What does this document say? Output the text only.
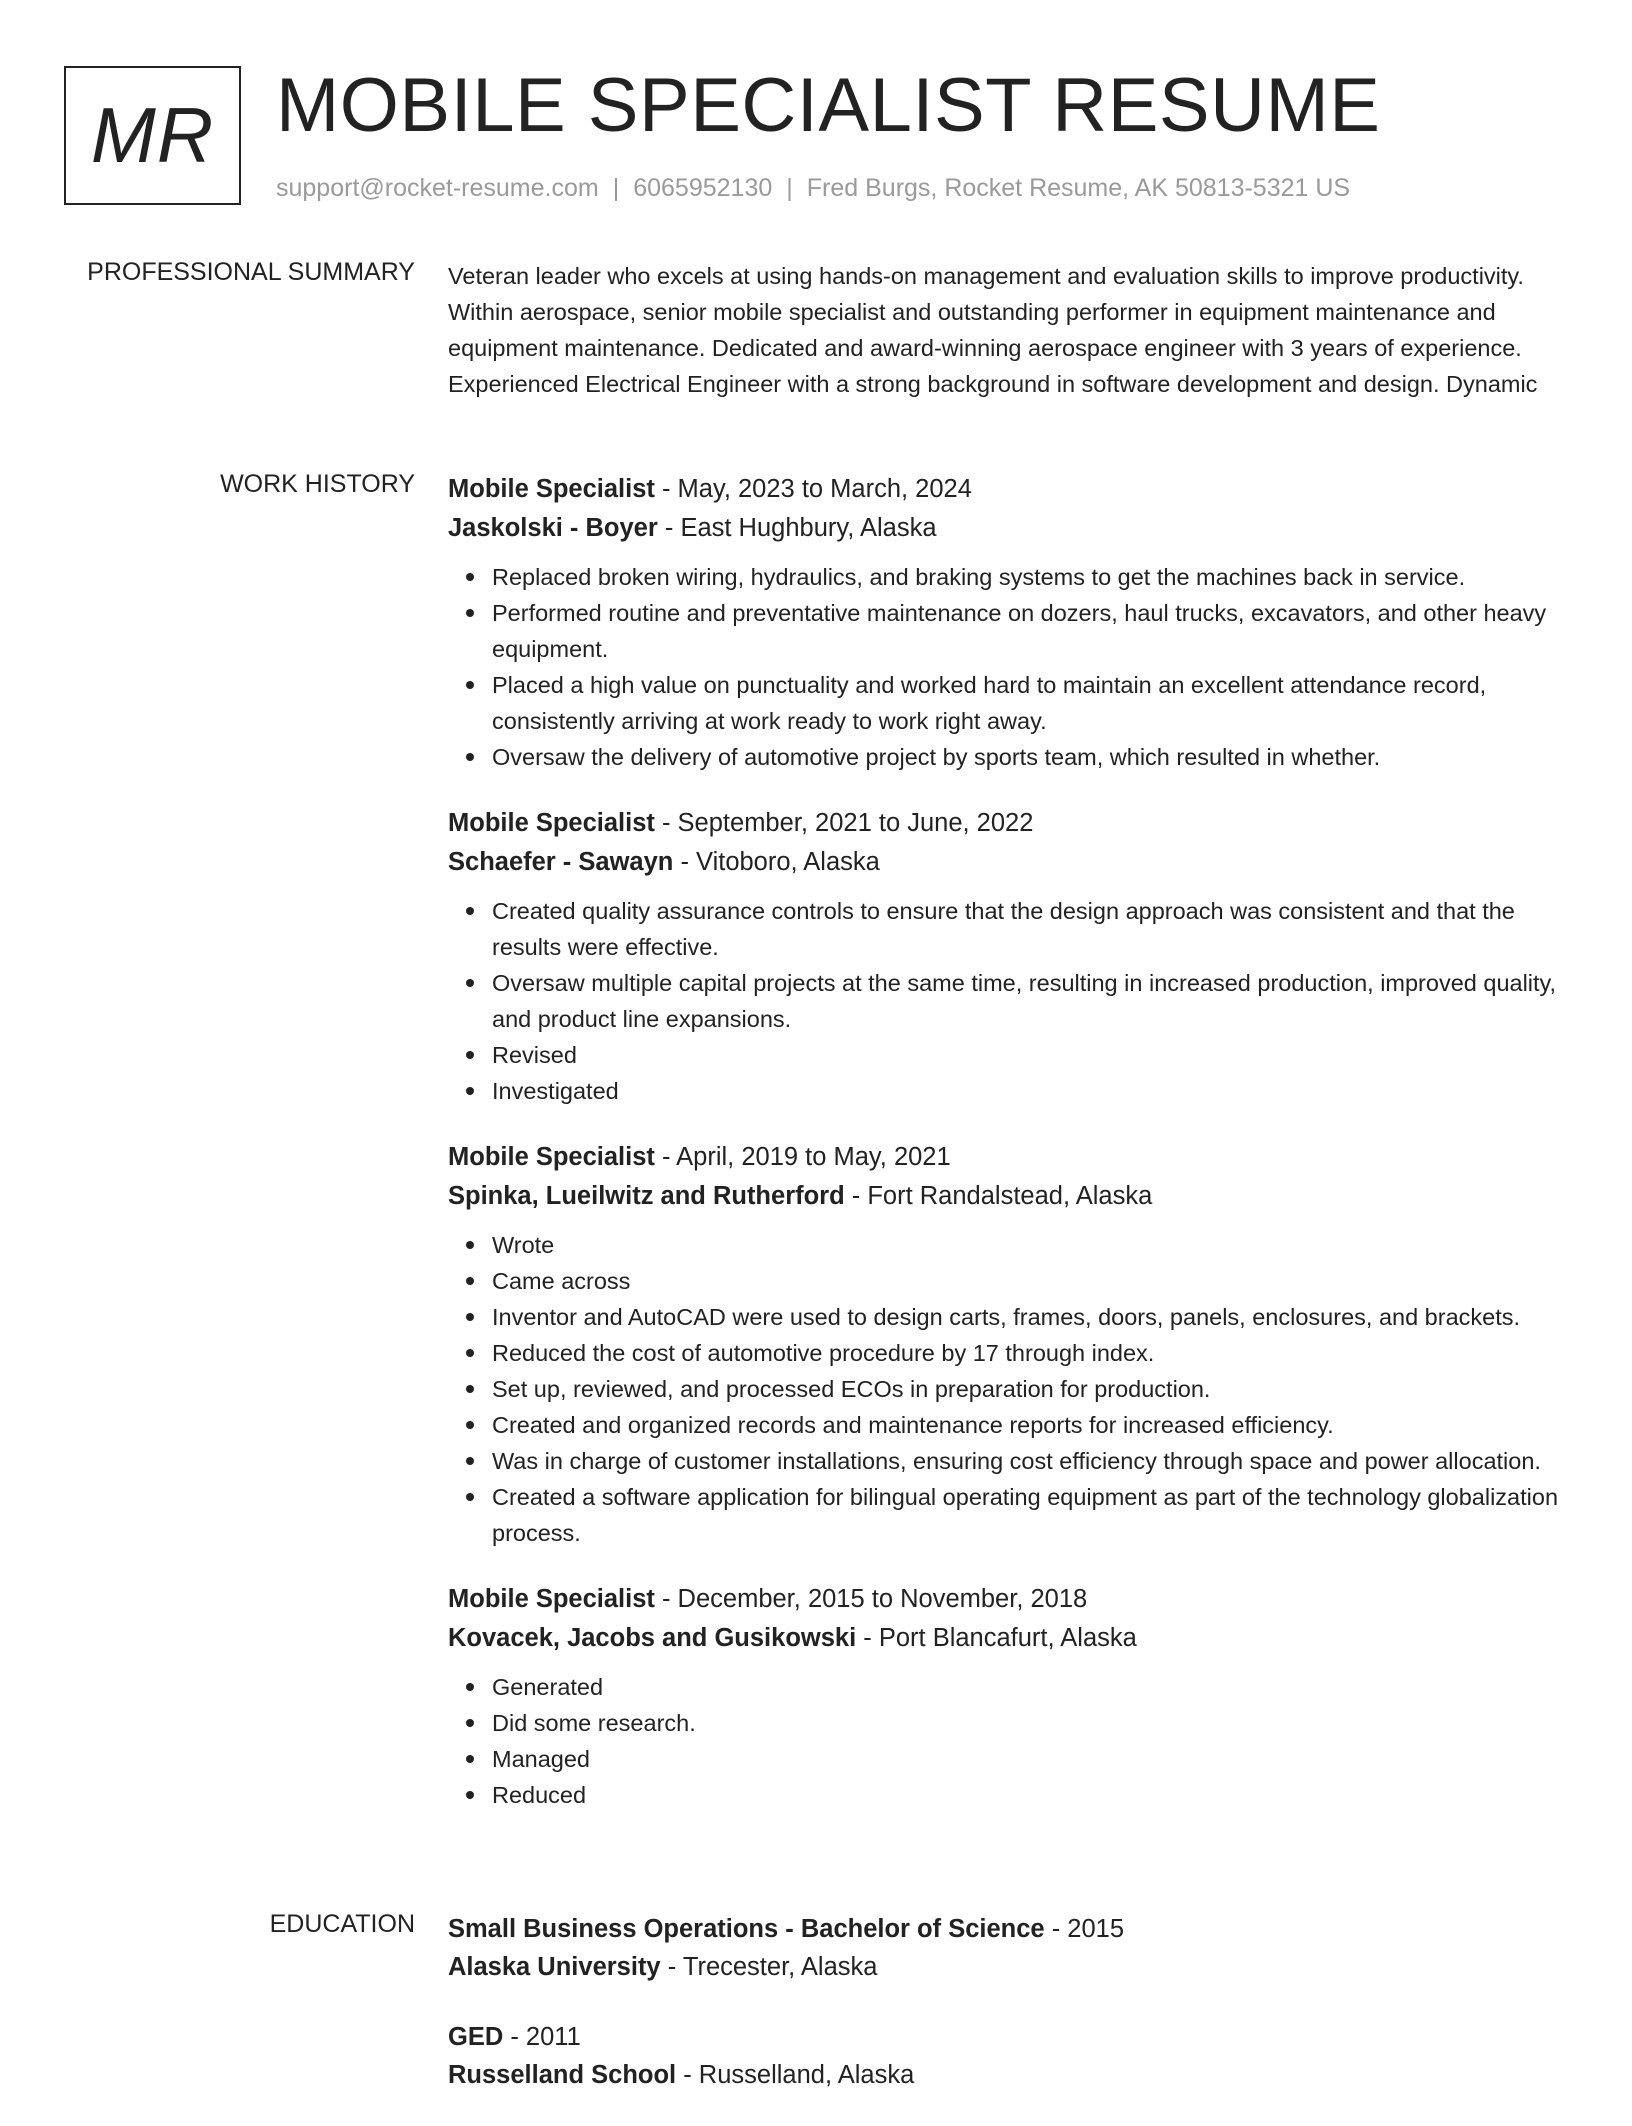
MR MOBILE SPECIALIST RESUME
support@rocket-resume.com | 6065952130 | Fred Burgs, Rocket Resume, AK 50813-5321 US
PROFESSIONAL SUMMARY Veteran leader who excels at using hands-on management and evaluation skills to improve productivity. Within aerospace, senior mobile specialist and outstanding performer in equipment maintenance and equipment maintenance. Dedicated and award-winning aerospace engineer with 3 years of experience. Experienced Electrical Engineer with a strong background in software development and design. Dynamic

WORK HISTORY Mobile Specialist - May, 2023 to March, 2024
Jaskolski - Boyer - East Hughbury, Alaska
Replaced broken wiring, hydraulics, and braking systems to get the machines back in service.
Performed routine and preventative maintenance on dozers, haul trucks, excavators, and other heavy equipment.
Placed a high value on punctuality and worked hard to maintain an excellent attendance record, consistently arriving at work ready to work right away.
Oversaw the delivery of automotive project by sports team, which resulted in whether.
Mobile Specialist - September, 2021 to June, 2022
Schaefer - Sawayn - Vitoboro, Alaska
Created quality assurance controls to ensure that the design approach was consistent and that the results were effective.
Oversaw multiple capital projects at the same time, resulting in increased production, improved quality, and product line expansions.
Revised
Investigated
Mobile Specialist - April, 2019 to May, 2021
Spinka, Lueilwitz and Rutherford - Fort Randalstead, Alaska
Wrote
Came across
Inventor and AutoCAD were used to design carts, frames, doors, panels, enclosures, and brackets.
Reduced the cost of automotive procedure by 17 through index.
Set up, reviewed, and processed ECOs in preparation for production.
Created and organized records and maintenance reports for increased efficiency.
Was in charge of customer installations, ensuring cost efficiency through space and power allocation.
Created a software application for bilingual operating equipment as part of the technology globalization process.
Mobile Specialist - December, 2015 to November, 2018
Kovacek, Jacobs and Gusikowski - Port Blancafurt, Alaska
Generated
Did some research.
Managed
Reduced
EDUCATION Small Business Operations - Bachelor of Science - 2015
Alaska University - Trecester, Alaska
GED - 2011
Russelland School - Russelland, Alaska
